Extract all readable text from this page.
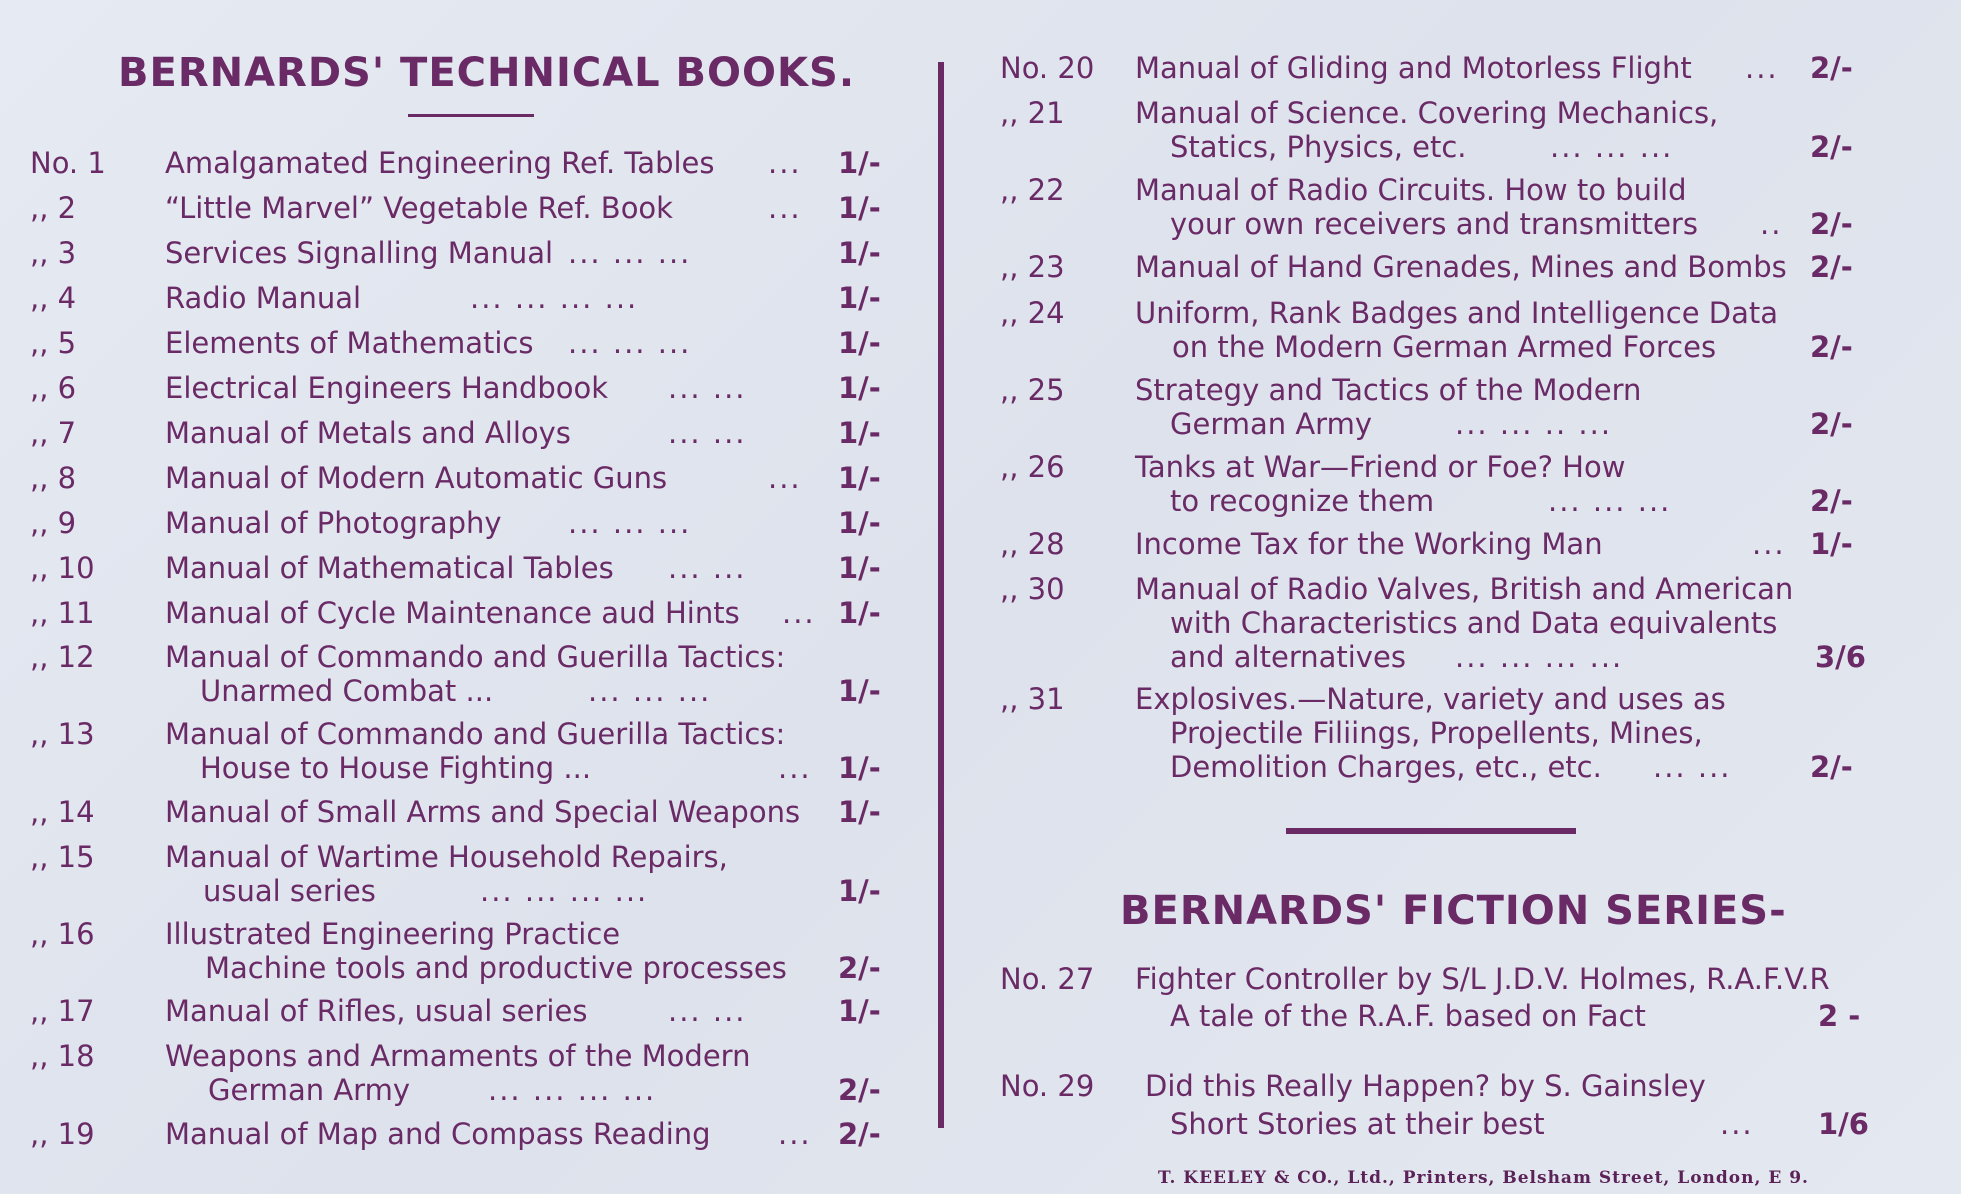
BERNARDS' TECHNICAL BOOKS.
No. 1	Amalgamated Engineering Ref. Tables ... 1/-
,, 2	“Little Marvel” Vegetable Ref. Book	... 1/-
,, 3	Services Signalling Manual ... ... ...	1/-
,, 4	Radio Manual	... ... ... ...	1/-
,, 5	Elements of Mathematics ... ... ...	1/-
,, 6	Electrical Engineers Handbook ... ...	1/-
,, 7	Manual of Metals and Alloys	... ...	1/-
,, 8	Manual of Modern Automatic Guns	... 1/-
,, 9	Manual of Photography ... ... ...	1/-
,, 10	Manual of Mathematical Tables ... ...	1/-
,, 11	Manual of Cycle Maintenance aud Hints ... 1/-
,, 12	Manual of Commando and Guerilla Tactics:
Unarmed Combat ...	... ... ...	1/-
,, 13	Manual of Commando and Guerilla Tactics:
House to House Fighting ...	... 1/-
,, 14	Manual of Small Arms and Special Weapons 1/-
,, 15	Manual of Wartime Household Repairs,
usual series	... ... ... ...	1/-
,, 16	Illustrated Engineering Practice
Machine tools and productive processes 2/-
,, 17	Manual of Rifles, usual series	... ...	1/-
,, 18	Weapons and Armaments of the Modern
German Army	... ... ... ...	2/-
,, 19	Manual of Map and Compass Reading ... 2/-
No. 20	Manual of Gliding and Motorless Flight ... 2/-
,, 21	Manual of Science. Covering Mechanics,
Statics, Physics, etc.	... ... ...	2/-
,, 22	Manual of Radio Circuits. How to build
your own receivers and transmitters .. 2/-
,, 23	Manual of Hand Grenades, Mines and Bombs 2/-
,, 24	Uniform, Rank Badges and Intelligence Data
on the Modern German Armed Forces	2/-
,, 25	Strategy and Tactics of the Modern
German Army	... ... .. ...	2/-
,, 26	Tanks at War—Friend or Foe? How
to recognize them	... ... ...	2/-
,, 28	Income Tax for the Working Man	... 1/-
,, 30	Manual of Radio Valves, British and American
with Characteristics and Data equivalents
and alternatives ... ... ... ...	3/6
,, 31	Explosives.—Nature, variety and uses as
Projectile Filiings, Propellents, Mines,
Demolition Charges, etc., etc. ... ...	2/-
BERNARDS' FICTION SERIES-
No. 27	Fighter Controller by S/L J.D.V. Holmes, R.A.F.V.R
A tale of the R.A.F. based on Fact	2 -
No. 29	Did this Really Happen? by S. Gainsley
Short Stories at their best	... 1/6
T. KEELEY & CO., Ltd., Printers, Belsham Street, London, E 9.
